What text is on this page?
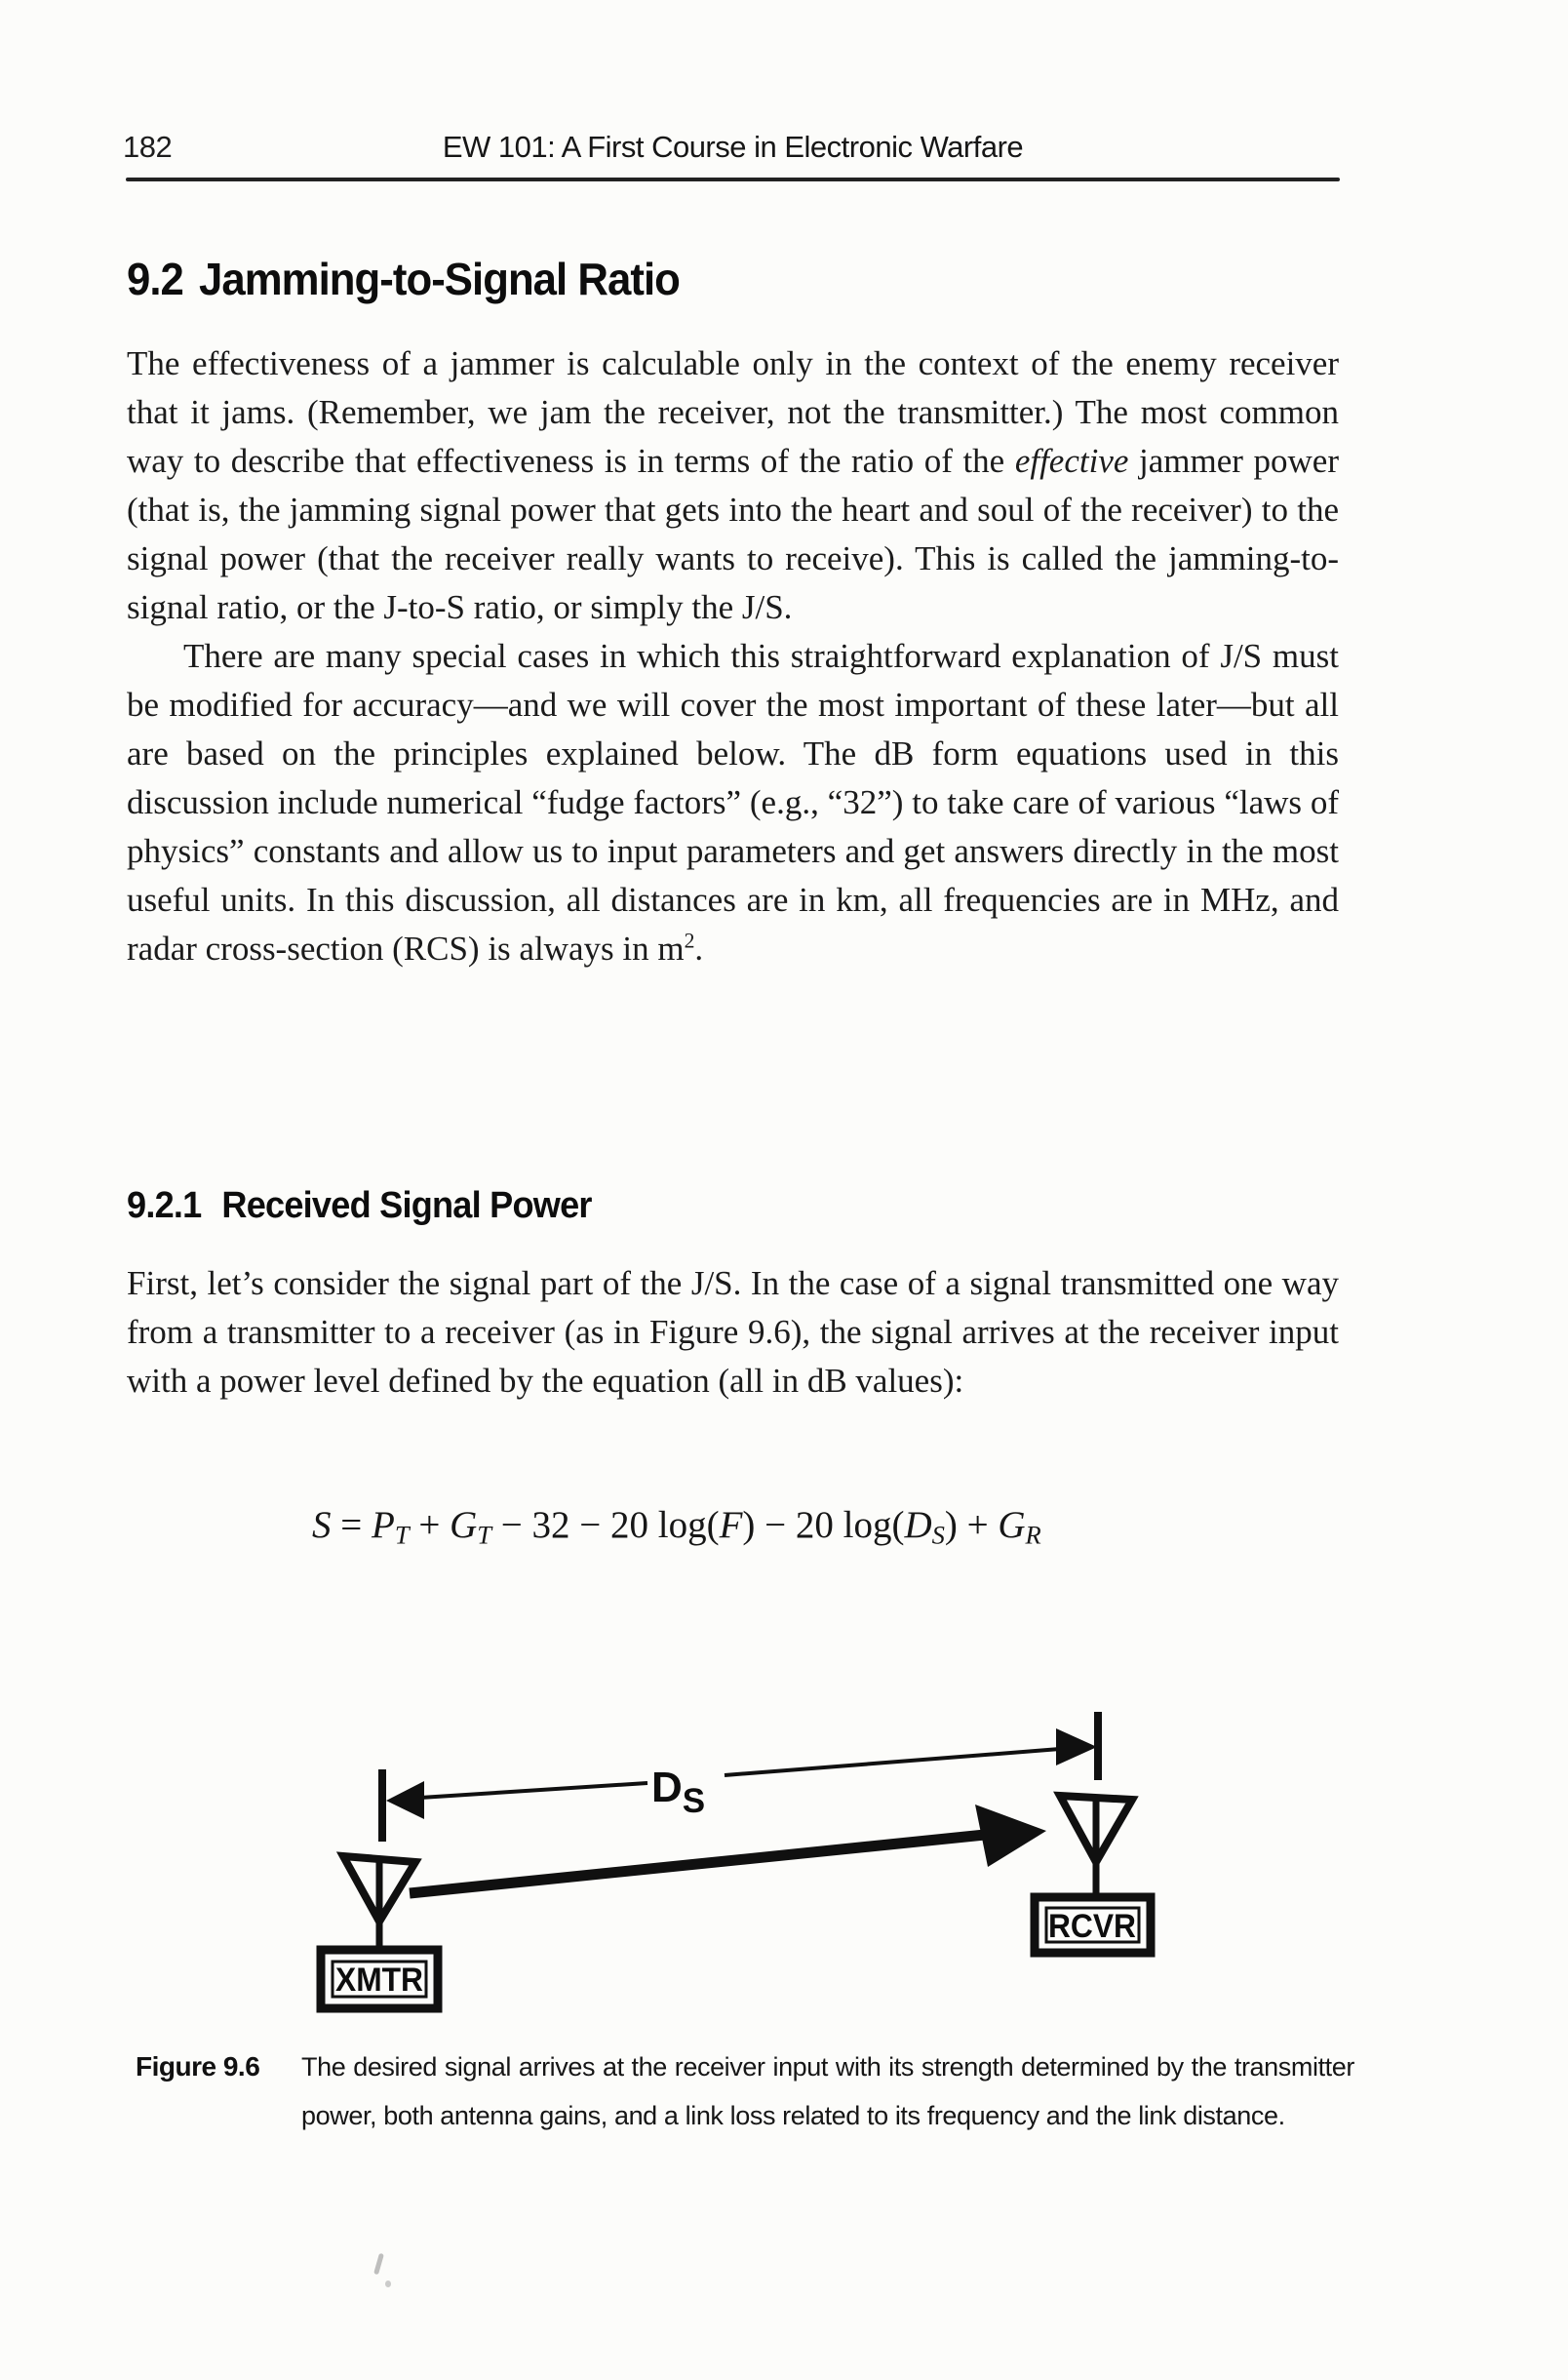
182	EW 101: A First Course in Electronic Warfare
9.2 Jamming-to-Signal Ratio

The effectiveness of a jammer is calculable only in the context of the enemy receiver that it jams. (Remember, we jam the receiver, not the transmitter.) The most common way to describe that effectiveness is in terms of the ratio of the effective jammer power (that is, the jamming signal power that gets into the heart and soul of the receiver) to the signal power (that the receiver really wants to receive). This is called the jamming-to-signal ratio, or the J-to-S ratio, or simply the J/S.

There are many special cases in which this straightforward explanation of J/S must be modified for accuracy—and we will cover the most important of these later—but all are based on the principles explained below. The dB form equations used in this discussion include numerical “fudge factors” (e.g., “32”) to take care of various “laws of physics” constants and allow us to input parameters and get answers directly in the most useful units. In this discussion, all distances are in km, all frequencies are in MHz, and radar cross-section (RCS) is always in $m^2$.

9.2.1 Received Signal Power

First, let’s consider the signal part of the J/S. In the case of a signal transmitted one way from a transmitter to a receiver (as in Figure 9.6), the signal arrives at the receiver input with a power level defined by the equation (all in dB values):

S = PT + GT − 32 − 20 log(F) − 20 log(DS) + GR
$D_S$
XMTR
RCVR
Figure 9.6 The desired signal arrives at the receiver input with its strength determined by the transmitter power, both antenna gains, and a link loss related to its frequency and the link distance.
